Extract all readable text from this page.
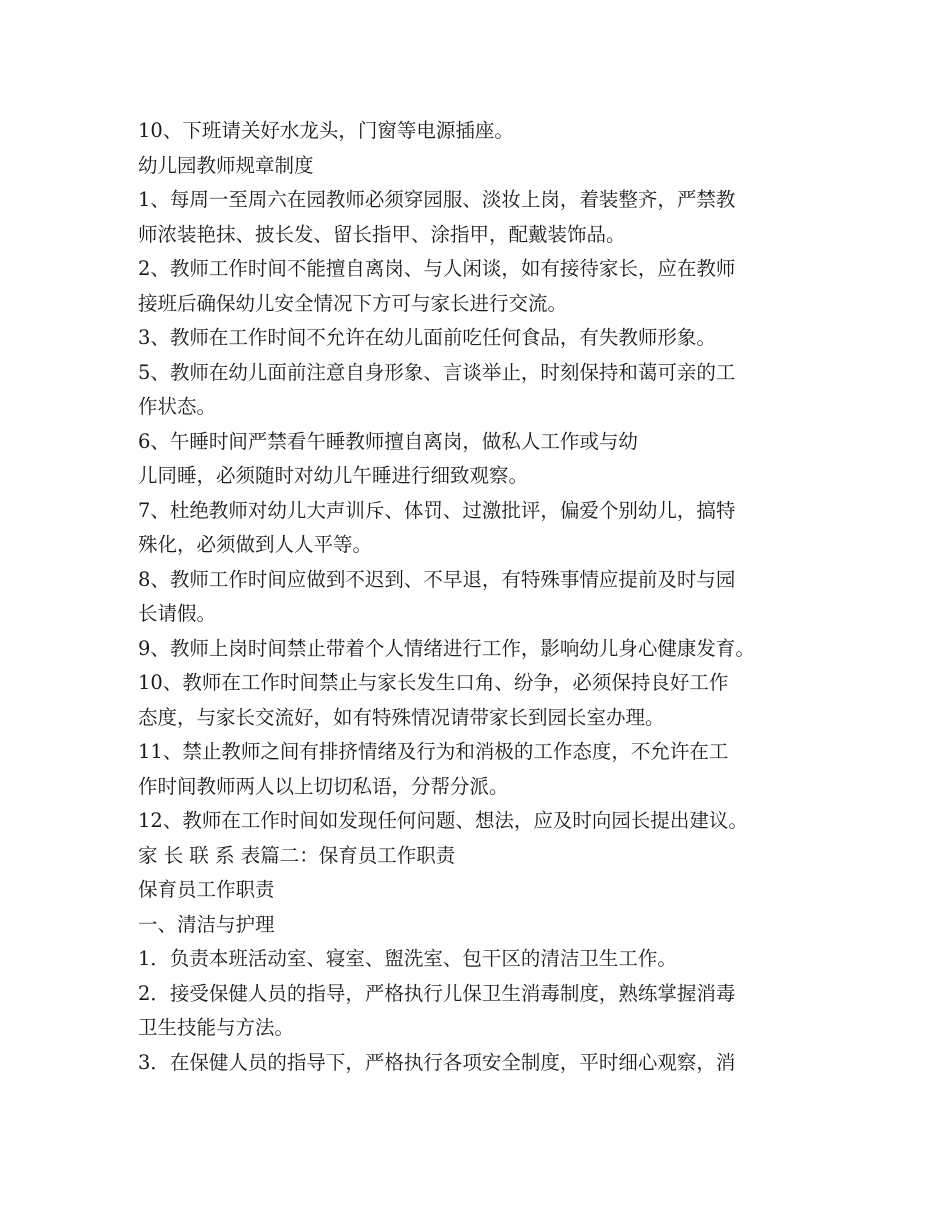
10、下班请关好水龙头，门窗等电源插座。
幼儿园教师规章制度
1、每周一至周六在园教师必须穿园服、淡妆上岗，着装整齐，严禁教
师浓装艳抹、披长发、留长指甲、涂指甲，配戴装饰品。
2、教师工作时间不能擅自离岗、与人闲谈，如有接待家长，应在教师
接班后确保幼儿安全情况下方可与家长进行交流。
3、教师在工作时间不允许在幼儿面前吃任何食品，有失教师形象。
5、教师在幼儿面前注意自身形象、言谈举止，时刻保持和蔼可亲的工
作状态。
6、午睡时间严禁看午睡教师擅自离岗，做私人工作或与幼
儿同睡，必须随时对幼儿午睡进行细致观察。
7、杜绝教师对幼儿大声训斥、体罚、过激批评，偏爱个别幼儿，搞特
殊化，必须做到人人平等。
8、教师工作时间应做到不迟到、不早退，有特殊事情应提前及时与园
长请假。
9、教师上岗时间禁止带着个人情绪进行工作，影响幼儿身心健康发育。
10、教师在工作时间禁止与家长发生口角、纷争，必须保持良好工作
态度，与家长交流好，如有特殊情况请带家长到园长室办理。
11、禁止教师之间有排挤情绪及行为和消极的工作态度，不允许在工
作时间教师两人以上切切私语，分帮分派。
12、教师在工作时间如发现任何问题、想法，应及时向园长提出建议。
家 长 联 系 表篇二：保育员工作职责
保育员工作职责
一、清洁与护理
1．负责本班活动室、寝室、盥洗室、包干区的清洁卫生工作。
2．接受保健人员的指导，严格执行儿保卫生消毒制度，熟练掌握消毒
卫生技能与方法。
3．在保健人员的指导下，严格执行各项安全制度，平时细心观察，消
